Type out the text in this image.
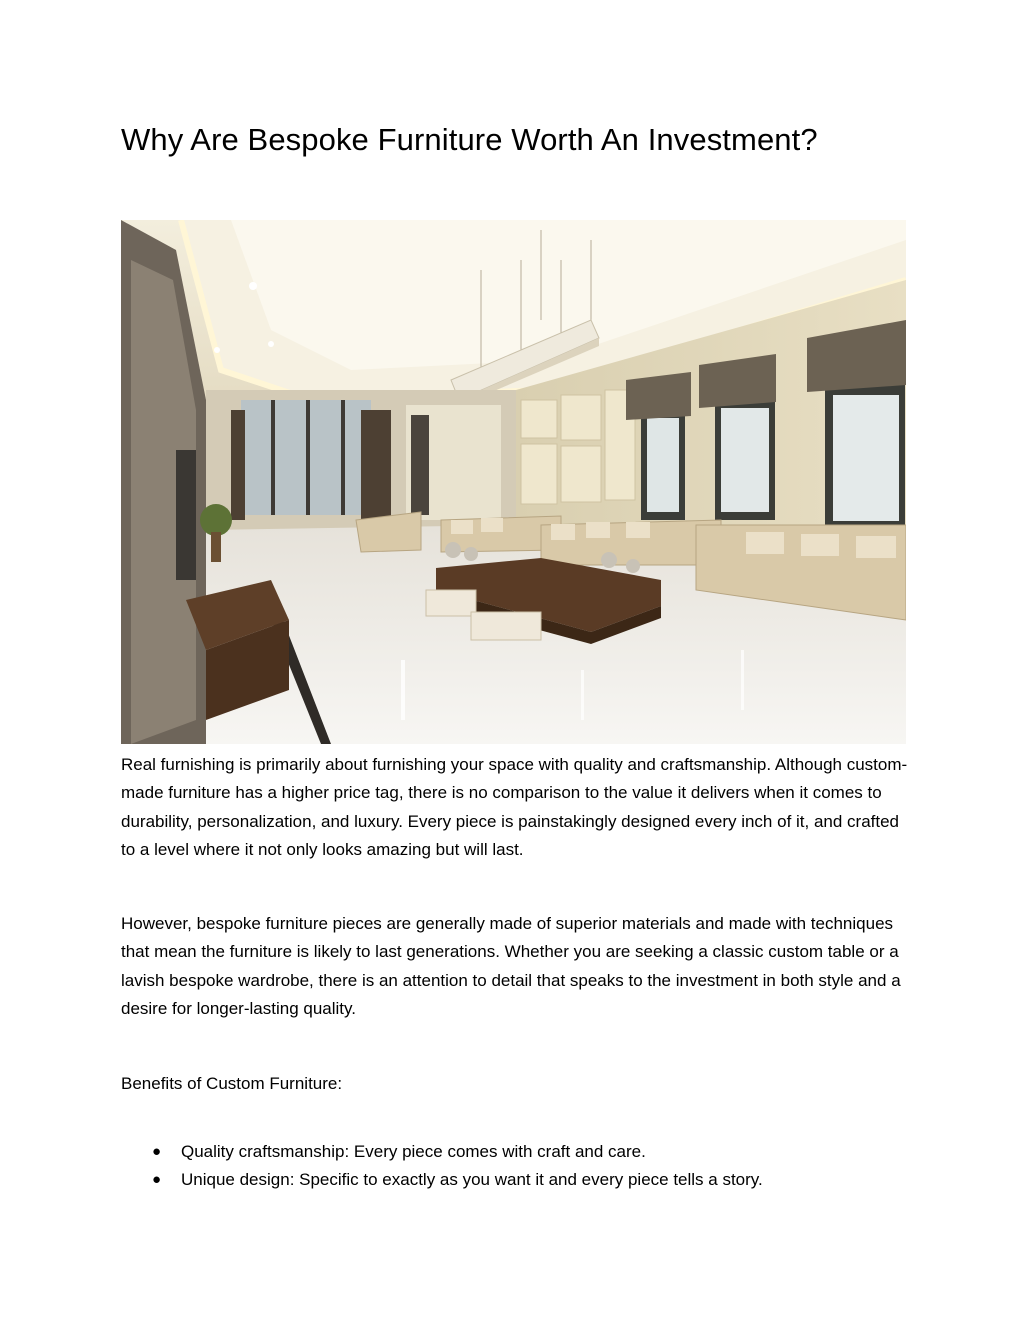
Why Are Bespoke Furniture Worth An Investment?

Real furnishing is primarily about furnishing your space with quality and craftsmanship. Although custom-made furniture has a higher price tag, there is no comparison to the value it delivers when it comes to durability, personalization, and luxury. Every piece is painstakingly designed every inch of it, and crafted to a level where it not only looks amazing but will last.

However, bespoke furniture pieces are generally made of superior materials and made with techniques that mean the furniture is likely to last generations. Whether you are seeking a classic custom table or a lavish bespoke wardrobe, there is an attention to detail that speaks to the investment in both style and a desire for longer-lasting quality.

Benefits of Custom Furniture:

● Quality craftsmanship: Every piece comes with craft and care.
● Unique design: Specific to exactly as you want it and every piece tells a story.
